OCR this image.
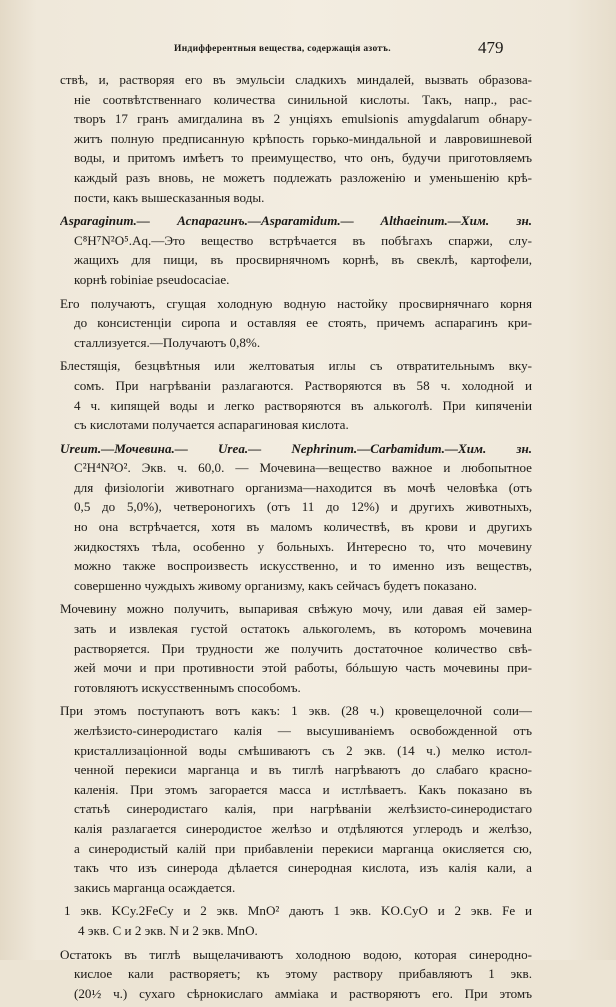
Индифферентныя вещества, содержащія азотъ.	479
ствѣ, и, растворяя его въ эмульсіи сладкихъ миндалей, вызвать образова-
ніе соотвѣтственнаго количества синильной кислоты. Такъ, напр., рас-
творъ 17 гранъ амигдалина въ 2 унціяхъ emulsionis amygdalarum обнару-
житъ полную предписанную крѣпость горько-миндальной и лавровишневой
воды, и притомъ имѣетъ то преимущество, что онъ, будучи приготовляемъ
каждый разъ вновь, не можетъ подлежать разложенію и уменьшенію крѣ-
пости, какъ вышесказанныя воды.
Asparaginum.— Аспарагинъ.—Asparamidum.— Althaeinum.—Хим. зн.
C⁸H⁷N²O⁵.Aq.—Это вещество встрѣчается въ побѣгахъ спаржи, слу-
жащихъ для пищи, въ просвирнячномъ корнѣ, въ свеклѣ, картофели,
корнѣ robiniae pseudocaciae.
Его получаютъ, сгущая холодную водную настойку просвирнячнаго корня
до консистенціи сиропа и оставляя ее стоять, причемъ аспарагинъ кри-
сталлизуется.—Получаютъ 0,8%.
Блестящія, безцвѣтныя или желтоватыя иглы съ отвратительнымъ вку-
сомъ. При нагрѣваніи разлагаются. Растворяются въ 58 ч. холодной и
4 ч. кипящей воды и легко растворяются въ алькоголѣ. При кипяченіи
съ кислотами получается аспарагиновая кислота.
Ureum.—Мочевина.— Urea.— Nephrinum.—Carbamidum.—Хим. зн.
C²H⁴N²O². Экв. ч. 60,0. — Мочевина—вещество важное и любопытное
для физіологіи животнаго организма—находится въ мочѣ человѣка (отъ
0,5 до 5,0%), четвероногихъ (отъ 11 до 12%) и другихъ животныхъ,
но она встрѣчается, хотя въ маломъ количествѣ, въ крови и другихъ
жидкостяхъ тѣла, особенно у больныхъ. Интересно то, что мочевину
можно также воспроизвесть искусственно, и то именно изъ веществъ,
совершенно чуждыхъ живому организму, какъ сейчасъ будетъ показано.
Мочевину можно получить, выпаривая свѣжую мочу, или давая ей замер-
зать и извлекая густой остатокъ алькоголемъ, въ которомъ мочевина
растворяется. При трудности же получить достаточное количество свѣ-
жей мочи и при противности этой работы, бóльшую часть мочевины при-
готовляютъ искусственнымъ способомъ.
При этомъ поступаютъ вотъ какъ: 1 экв. (28 ч.) кровещелочной соли—
желѣзисто-синеродистаго калія — высушиваніемъ освобожденной отъ
кристаллизаціонной воды смѣшиваютъ съ 2 экв. (14 ч.) мелко истол-
ченной перекиси марганца и въ тиглѣ нагрѣваютъ до слабаго красно-
каленія. При этомъ загорается масса и истлѣваетъ. Какъ показано въ
статьѣ синеродистаго калія, при нагрѣваніи желѣзисто-синеродистаго
калія разлагается синеродистое желѣзо и отдѣляются углеродъ и желѣзо,
а синеродистый калій при прибавленіи перекиси марганца окисляется сю,
такъ что изъ синерода дѣлается синеродная кислота, изъ калія кали, а
закись марганца осаждается.
1 экв. KCy.2FeCy и 2 экв. MnO² даютъ 1 экв. KO.CyO и 2 экв. Fe и
4 экв. C и 2 экв. N и 2 экв. MnO.
Остатокъ въ тиглѣ выщелачиваютъ холодною водою, которая синеродно-
кислое кали растворяетъ; къ этому раствору прибавляютъ 1 экв.
(20½ ч.) сухаго сѣрнокислаго аммiака и растворяютъ его. При этомъ
